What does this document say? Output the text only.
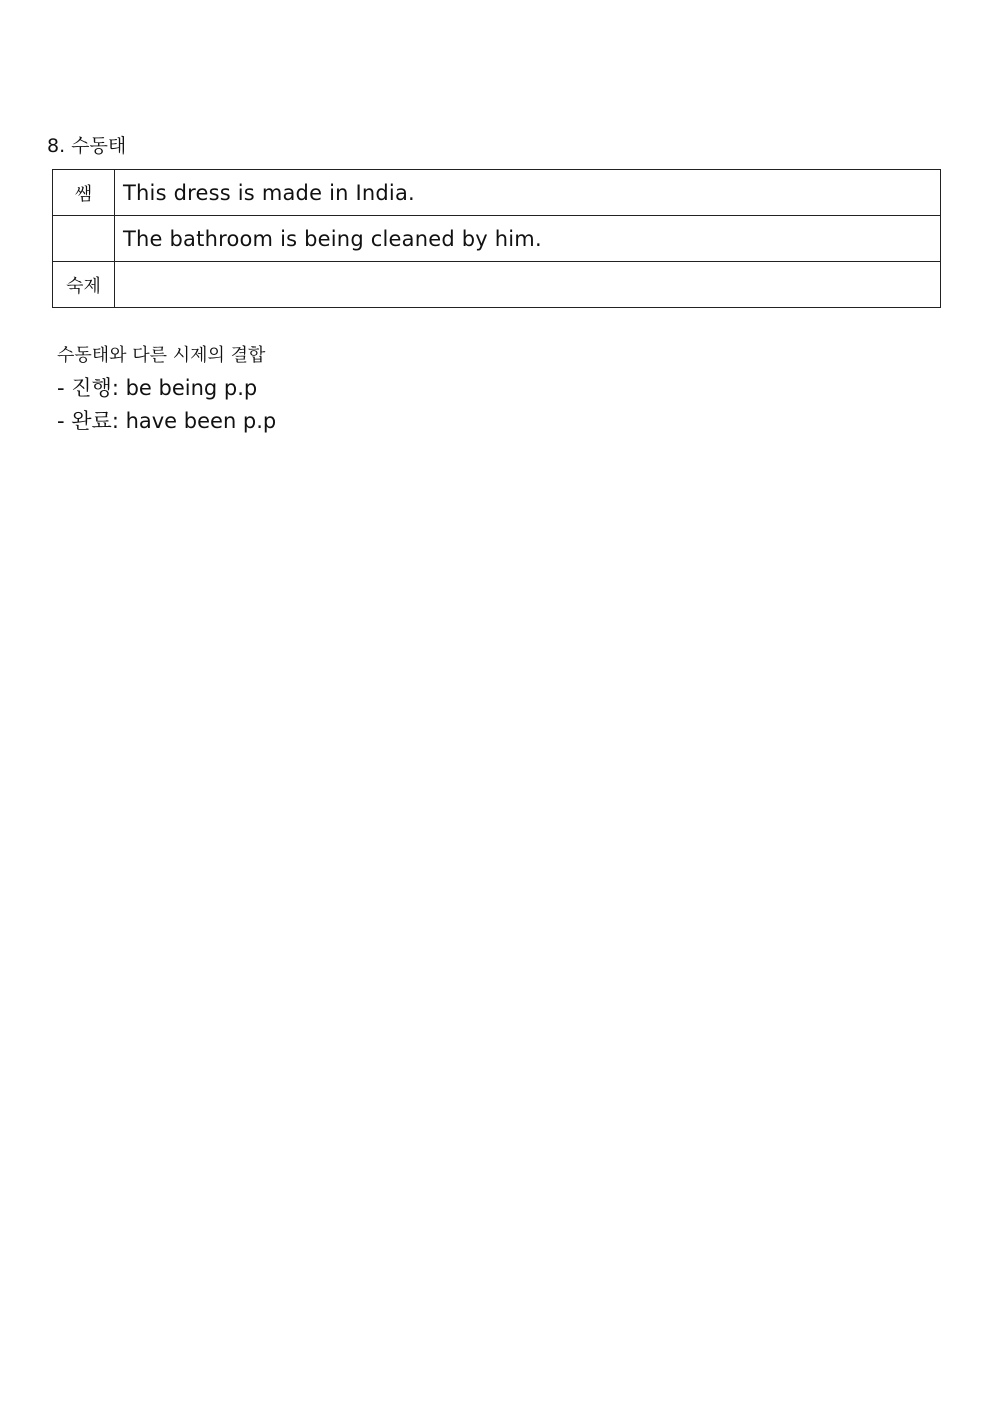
8. 수동태
쌤	This dress is made in India.
	The bathroom is being cleaned by him.
숙제	
수동태와 다른 시제의 결합
- 진행: be being p.p
- 완료: have been p.p
